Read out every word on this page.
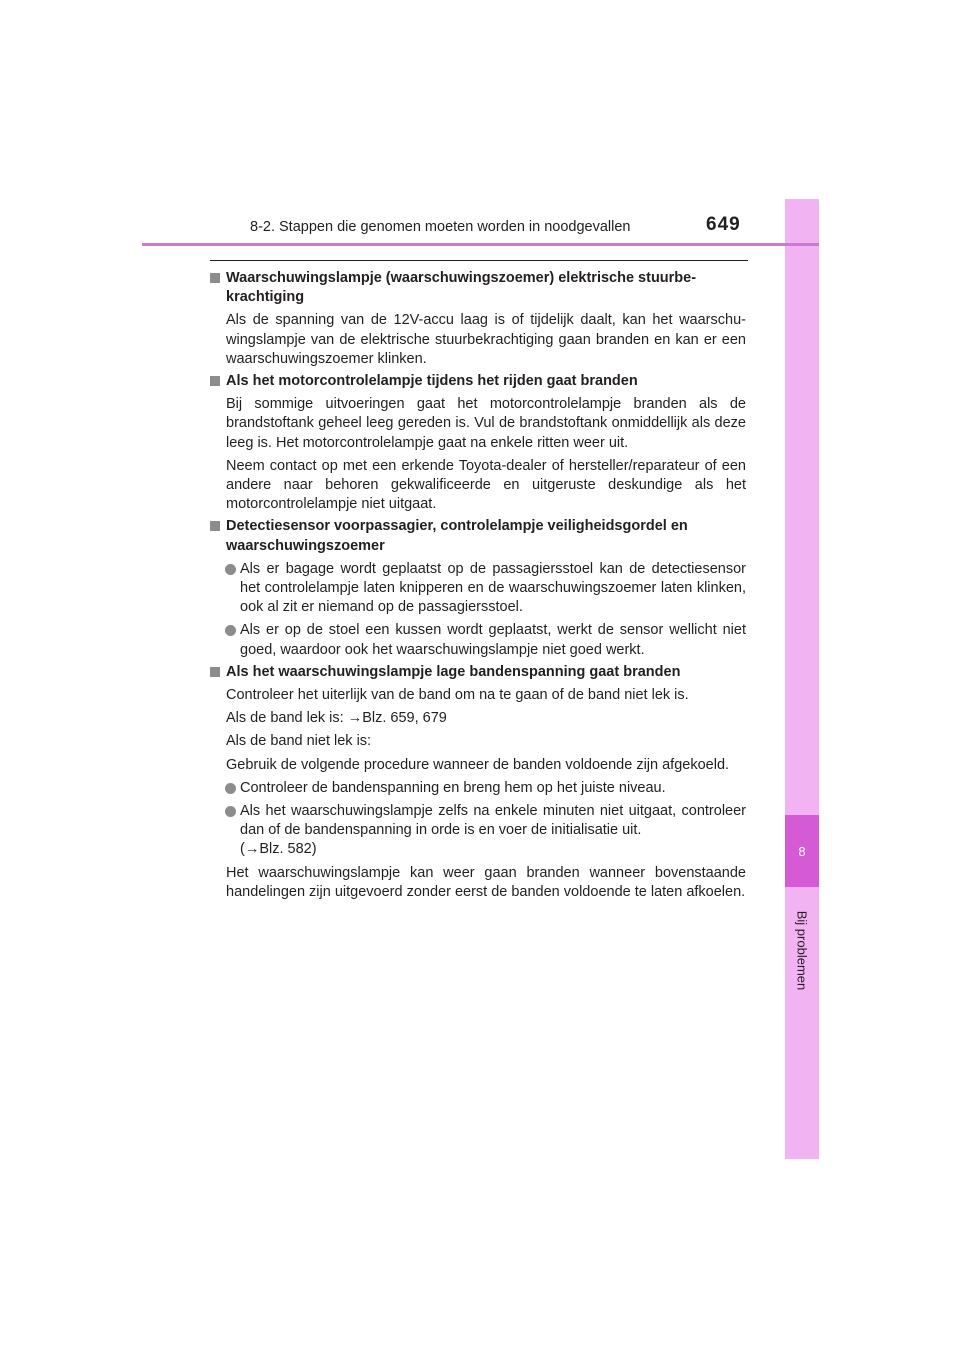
8
Bij problemen
8-2. Stappen die genomen moeten worden in noodgevallen	649
Waarschuwingslampje (waarschuwingszoemer) elektrische stuurbekrachtiging
Als de spanning van de 12V-accu laag is of tijdelijk daalt, kan het waarschuwingslampje van de elektrische stuurbekrachtiging gaan branden en kan er een waarschuwingszoemer klinken.
Als het motorcontrolelampje tijdens het rijden gaat branden
Bij sommige uitvoeringen gaat het motorcontrolelampje branden als de brandstoftank geheel leeg gereden is. Vul de brandstoftank onmiddellijk als deze leeg is. Het motorcontrolelampje gaat na enkele ritten weer uit.
Neem contact op met een erkende Toyota-dealer of hersteller/reparateur of een andere naar behoren gekwalificeerde en uitgeruste deskundige als het motorcontrolelampje niet uitgaat.
Detectiesensor voorpassagier, controlelampje veiligheidsgordel en waarschuwingszoemer
Als er bagage wordt geplaatst op de passagiersstoel kan de detectiesensor het controlelampje laten knipperen en de waarschuwingszoemer laten klinken, ook al zit er niemand op de passagiersstoel.
Als er op de stoel een kussen wordt geplaatst, werkt de sensor wellicht niet goed, waardoor ook het waarschuwingslampje niet goed werkt.
Als het waarschuwingslampje lage bandenspanning gaat branden
Controleer het uiterlijk van de band om na te gaan of de band niet lek is.
Als de band lek is: →Blz. 659, 679
Als de band niet lek is:
Gebruik de volgende procedure wanneer de banden voldoende zijn afgekoeld.
Controleer de bandenspanning en breng hem op het juiste niveau.
Als het waarschuwingslampje zelfs na enkele minuten niet uitgaat, controleer dan of de bandenspanning in orde is en voer de initialisatie uit.
(→Blz. 582)
Het waarschuwingslampje kan weer gaan branden wanneer bovenstaande handelingen zijn uitgevoerd zonder eerst de banden voldoende te laten afkoelen.
